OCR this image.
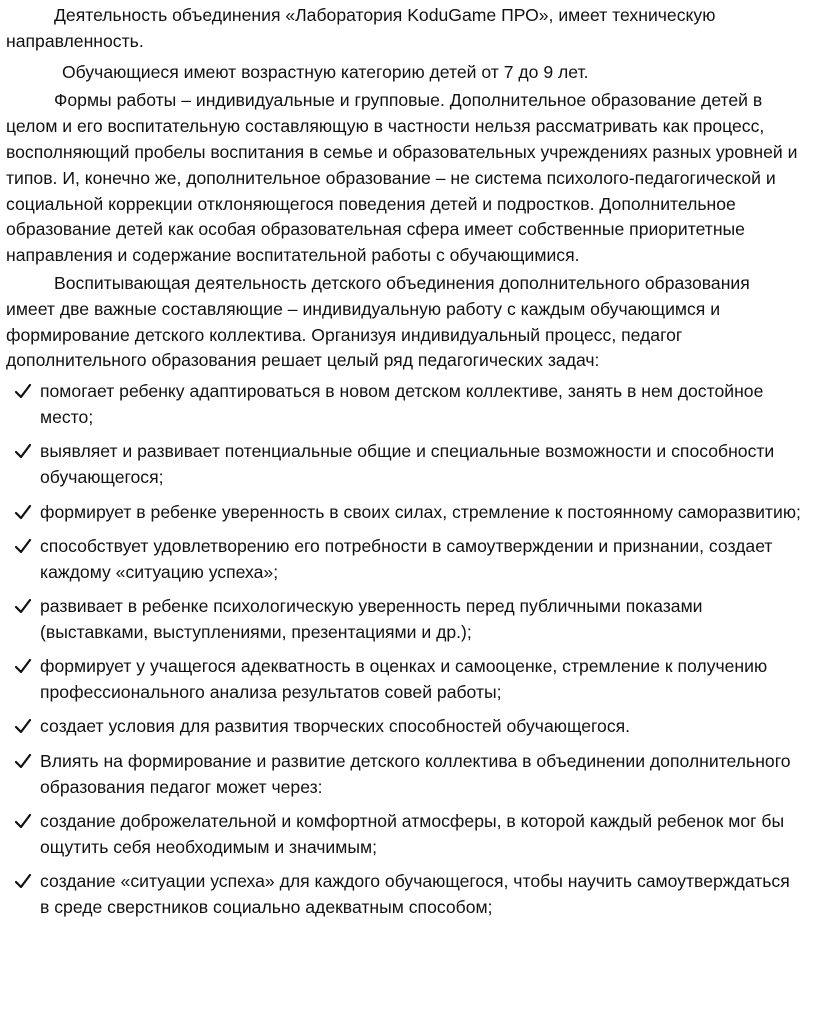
Деятельность объединения «Лаборатория KoduGame ПРО», имеет техническую направленность.

Обучающиеся имеют возрастную категорию детей от 7 до 9 лет.

Формы работы – индивидуальные и групповые. Дополнительное образование детей в целом и его воспитательную составляющую в частности нельзя рассматривать как процесс, восполняющий пробелы воспитания в семье и образовательных учреждениях разных уровней и типов. И, конечно же, дополнительное образование – не система психолого-педагогической и социальной коррекции отклоняющегося поведения детей и подростков. Дополнительное образование детей как особая образовательная сфера имеет собственные приоритетные направления и содержание воспитательной работы с обучающимися.

Воспитывающая деятельность детского объединения дополнительного образования имеет две важные составляющие – индивидуальную работу с каждым обучающимся и формирование детского коллектива. Организуя индивидуальный процесс, педагог дополнительного образования решает целый ряд педагогических задач:

помогает ребенку адаптироваться в новом детском коллективе, занять в нем достойное место;
выявляет и развивает потенциальные общие и специальные возможности и способности обучающегося;
формирует в ребенке уверенность в своих силах, стремление к постоянному саморазвитию;
способствует удовлетворению его потребности в самоутверждении и признании, создает каждому «ситуацию успеха»;
развивает в ребенке психологическую уверенность перед публичными показами (выставками, выступлениями, презентациями и др.);
формирует у учащегося адекватность в оценках и самооценке, стремление к получению профессионального анализа результатов совей работы;
создает условия для развития творческих способностей обучающегося.
Влиять на формирование и развитие детского коллектива в объединении дополнительного образования педагог может через:
создание доброжелательной и комфортной атмосферы, в которой каждый ребенок мог бы ощутить себя необходимым и значимым;
создание «ситуации успеха» для каждого обучающегося, чтобы научить самоутверждаться в среде сверстников социально адекватным способом;
